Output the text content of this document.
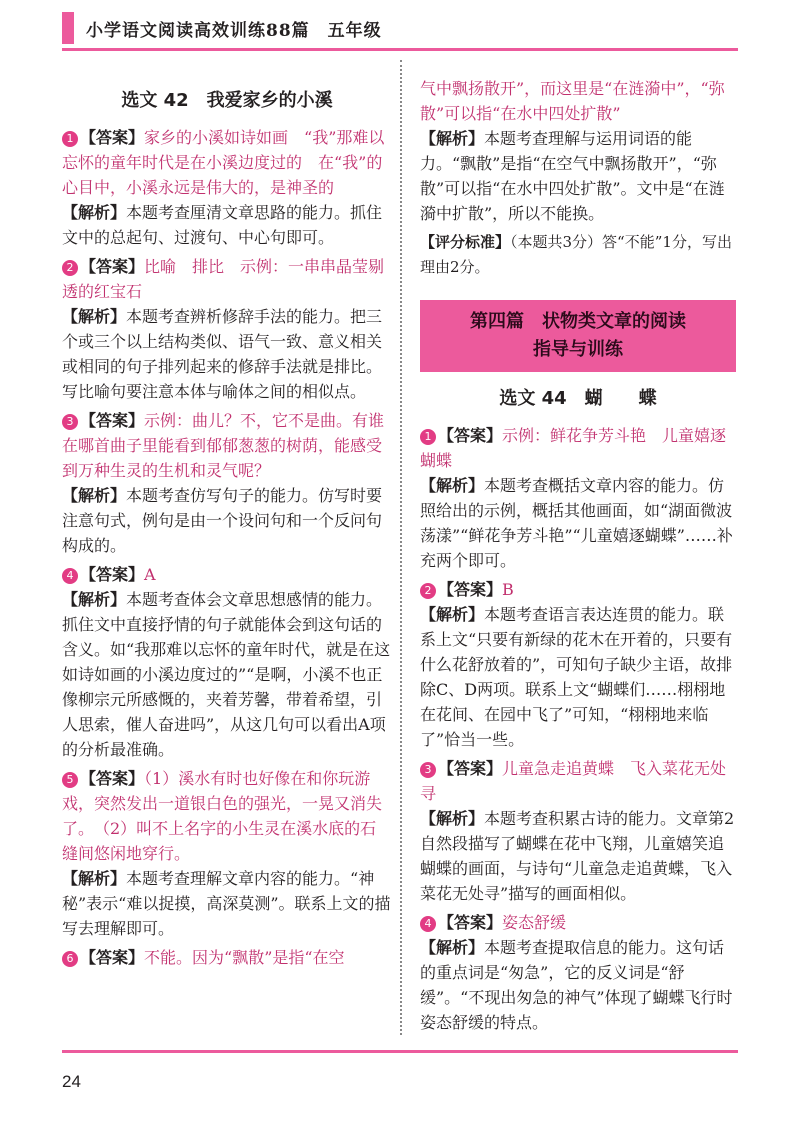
小学语文阅读高效训练88篇　五年级
选文 42　我爱家乡的小溪

1 【答案】家乡的小溪如诗如画　“我”那难以忘怀的童年时代是在小溪边度过的　在“我”的心目中，小溪永远是伟大的，是神圣的

【解析】本题考查厘清文章思路的能力。抓住文中的总起句、过渡句、中心句即可。

2 【答案】比喻　排比　示例：一串串晶莹剔透的红宝石

【解析】本题考查辨析修辞手法的能力。把三个或三个以上结构类似、语气一致、意义相关或相同的句子排列起来的修辞手法就是排比。写比喻句要注意本体与喻体之间的相似点。

3 【答案】示例：曲儿？不，它不是曲。有谁在哪首曲子里能看到郁郁葱葱的树荫，能感受到万种生灵的生机和灵气呢？

【解析】本题考查仿写句子的能力。仿写时要注意句式，例句是由一个设问句和一个反问句构成的。

4 【答案】A

【解析】本题考查体会文章思想感情的能力。抓住文中直接抒情的句子就能体会到这句话的含义。如“我那难以忘怀的童年时代，就是在这如诗如画的小溪边度过的”“是啊，小溪不也正像柳宗元所感慨的，夹着芳馨，带着希望，引人思索，催人奋进吗”，从这几句可以看出A项的分析最准确。

5 【答案】（1）溪水有时也好像在和你玩游戏，突然发出一道银白色的强光，一晃又消失了。　（2）叫不上名字的小生灵在溪水底的石缝间悠闲地穿行。

【解析】本题考查理解文章内容的能力。“神秘”表示“难以捉摸，高深莫测”。联系上文的描写去理解即可。

6 【答案】不能。因为“飘散”是指“在空

气中飘扬散开”，而这里是“在涟漪中”，“弥散”可以指“在水中四处扩散”

【解析】本题考查理解与运用词语的能力。“飘散”是指“在空气中飘扬散开”，“弥散”可以指“在水中四处扩散”。文中是“在涟漪中扩散”，所以不能换。

【评分标准】（本题共3分）答“不能”1分，写出理由2分。

第四篇　状物类文章的阅读
指导与训练
选文 44　蝴　　蝶

1 【答案】示例：鲜花争芳斗艳　儿童嬉逐蝴蝶

【解析】本题考查概括文章内容的能力。仿照给出的示例，概括其他画面，如“湖面微波荡漾”“鲜花争芳斗艳”“儿童嬉逐蝴蝶”……补充两个即可。

2 【答案】B

【解析】本题考查语言表达连贯的能力。联系上文“只要有新绿的花木在开着的，只要有什么花舒放着的”，可知句子缺少主语，故排除C、D两项。联系上文“蝴蝶们……栩栩地在花间、在园中飞了”可知，“栩栩地来临了”恰当一些。

3 【答案】儿童急走追黄蝶　飞入菜花无处寻

【解析】本题考查积累古诗的能力。文章第2自然段描写了蝴蝶在花中飞翔，儿童嬉笑追蝴蝶的画面，与诗句“儿童急走追黄蝶，飞入菜花无处寻”描写的画面相似。

4 【答案】姿态舒缓

【解析】本题考查提取信息的能力。这句话的重点词是“匆急”，它的反义词是“舒缓”。“不现出匆急的神气”体现了蝴蝶飞行时姿态舒缓的特点。

24
